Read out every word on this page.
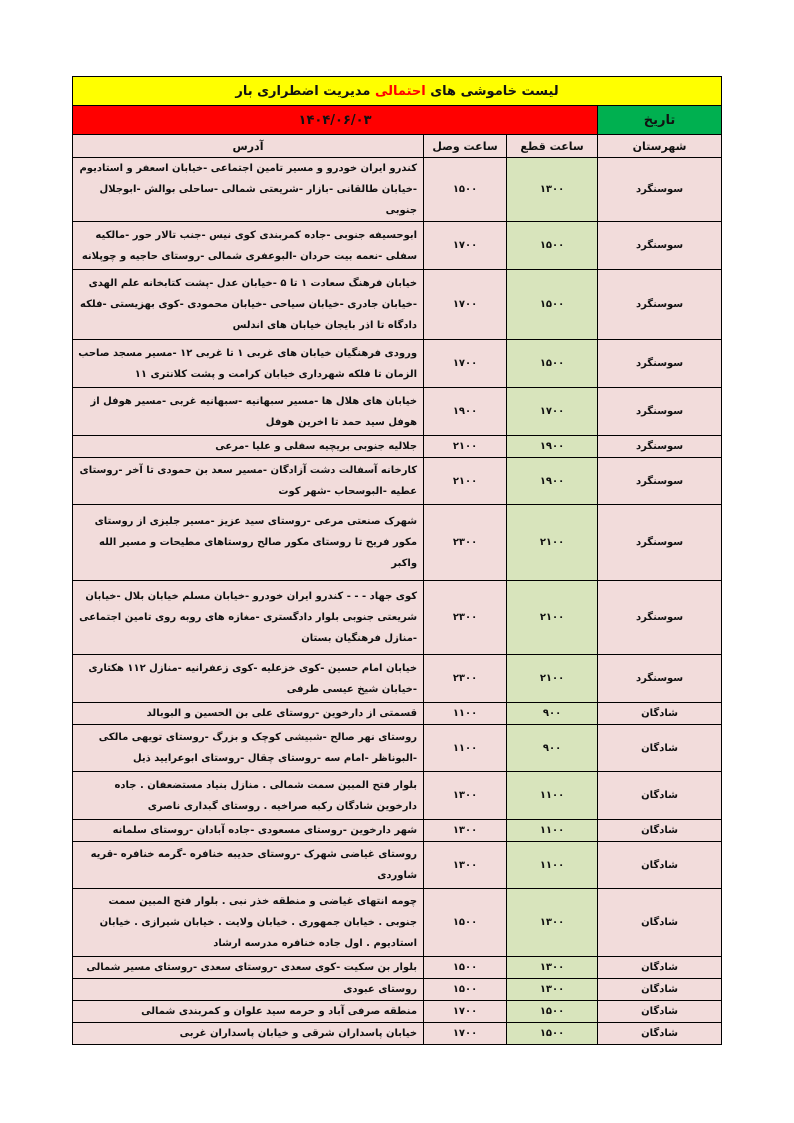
لیست خاموشی های احتمالی مدیریت اضطراری بار			
تاریخ	۱۴۰۴/۰۶/۰۳		
شهرستان	ساعت قطع	ساعت وصل	آدرس
سوسنگرد	۱۳۰۰	۱۵۰۰	کندرو ایران خودرو و مسیر تامین اجتماعی -خیابان اسعفر و استادیوم -خیابان طالقانی -بازار -شریعتی شمالی -ساحلی بوالش -ابوجلال جنوبی
سوسنگرد	۱۵۰۰	۱۷۰۰	ابوحسیفه جنوبی -جاده کمربندی کوی نیس -جنب تالار حور -مالکیه سفلی -نعمه بیت حردان -البوعفری شمالی -روستای حاجیه و چوپلانه
سوسنگرد	۱۵۰۰	۱۷۰۰	خیابان فرهنگ سعادت ۱ تا ۵ -خیابان عدل -پشت کتابخانه علم الهدی -خیابان جادری -خیابان سیاحی -خیابان محمودی -کوی بهزیستی -فلکه دادگاه تا اذر بایجان خیابان های اندلس
سوسنگرد	۱۵۰۰	۱۷۰۰	ورودی فرهنگیان خیابان های غربی ۱ تا غربی ۱۲ -مسیر مسجد صاحب الزمان تا فلکه شهرداری خیابان کرامت و پشت کلانتری ۱۱
سوسنگرد	۱۷۰۰	۱۹۰۰	خیابان های هلال ها -مسیر سبهانیه -سبهانیه غربی -مسیر هوفل از هوفل سید حمد تا اخرین هوفل
سوسنگرد	۱۹۰۰	۲۱۰۰	جلالیه جنوبی بریچیه سفلی و علیا -مرعی
سوسنگرد	۱۹۰۰	۲۱۰۰	کارخانه آسفالت دشت آزادگان -مسیر سعد بن حمودی تا آخر -روستای عطیه -البوسحاب -شهر کوت
سوسنگرد	۲۱۰۰	۲۳۰۰	شهرک صنعتی مرعی -روستای سید عزیز -مسیر جلیزی از روستای مکور فریح تا روستای مکور صالح روستاهای مطیحات و مسیر الله واکبر
سوسنگرد	۲۱۰۰	۲۳۰۰	کوی جهاد - - - کندرو ایران خودرو -خیابان مسلم خیابان بلال -خیابان شریعتی جنوبی بلوار دادگستری -مغازه های روبه روی تامین اجتماعی -منازل فرهنگیان بستان
سوسنگرد	۲۱۰۰	۲۳۰۰	خیابان امام حسین -کوی خزعلیه -کوی زعفرانیه -منازل ۱۱۲ هکتاری -خیابان شیخ عیسی طرفی
شادگان	۹۰۰	۱۱۰۰	قسمتی از دارخوین -روستای علی بن الحسین و البوبالد
شادگان	۹۰۰	۱۱۰۰	روستای نهر صالح -شبیشی کوچک و بزرگ -روستای تویهی مالکی -البوناظر -امام سه -روستای چقال -روستای ابوعرایید ذیل
شادگان	۱۱۰۰	۱۳۰۰	بلوار فتح المبین سمت شمالی . منازل بنیاد مستضعفان . جاده دارخوین شادگان رکبه صراخیه . روستای گبداری ناصری
شادگان	۱۱۰۰	۱۳۰۰	شهر دارخوین -روستای مسعودی -جاده آبادان -روستای سلمانه
شادگان	۱۱۰۰	۱۳۰۰	روستای غیاضی شهرک -روستای حدیبه خنافره -گرمه خنافره -قریه شاوردی
شادگان	۱۳۰۰	۱۵۰۰	چومه انتهای غیاضی و منطقه خذر نبی . بلوار فتح المبین سمت جنوبی . خیابان جمهوری . خیابان ولایت . خیابان شیرازی . خیابان استادیوم . اول جاده خنافره مدرسه ارشاد
شادگان	۱۳۰۰	۱۵۰۰	بلوار بن سکیت -کوی سعدی -روستای سعدی -روستای مسیر شمالی
شادگان	۱۳۰۰	۱۵۰۰	روستای عبودی
شادگان	۱۵۰۰	۱۷۰۰	منطقه صرفی آباد و حرمه سید علوان و کمربندی شمالی
شادگان	۱۵۰۰	۱۷۰۰	خیابان پاسداران شرقی و خیابان پاسداران غربی
